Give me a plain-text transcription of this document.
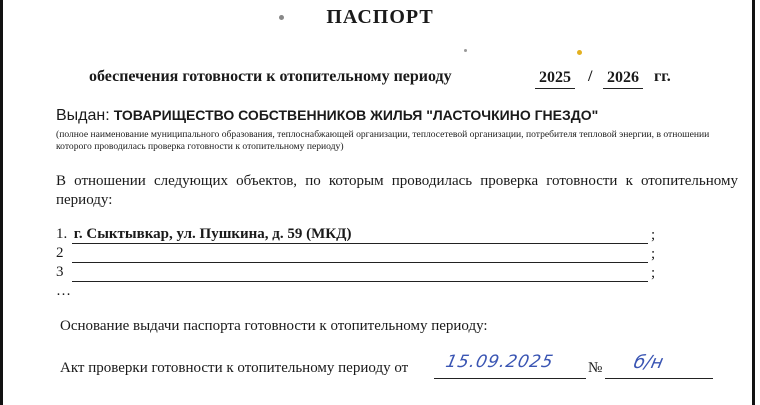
ПАСПОРТ
обеспечения готовности к отопительному периоду	2025 / 2026 гг.
Выдан: ТОВАРИЩЕСТВО СОБСТВЕННИКОВ ЖИЛЬЯ "ЛАСТОЧКИНО ГНЕЗДО"
(полное наименование муниципального образования, теплоснабжающей организации, теплосетевой организации, потребителя тепловой энергии, в отношении которого проводилась проверка готовности к отопительному периоду)
В отношении следующих объектов, по которым проводилась проверка готовности к отопительному периоду:
1. г. Сыктывкар, ул. Пушкина, д. 59 (МКД)	;
2	;
3	;
…
Основание выдачи паспорта готовности к отопительному периоду:
Акт проверки готовности к отопительному периоду от 15.09.2025 № б/н
